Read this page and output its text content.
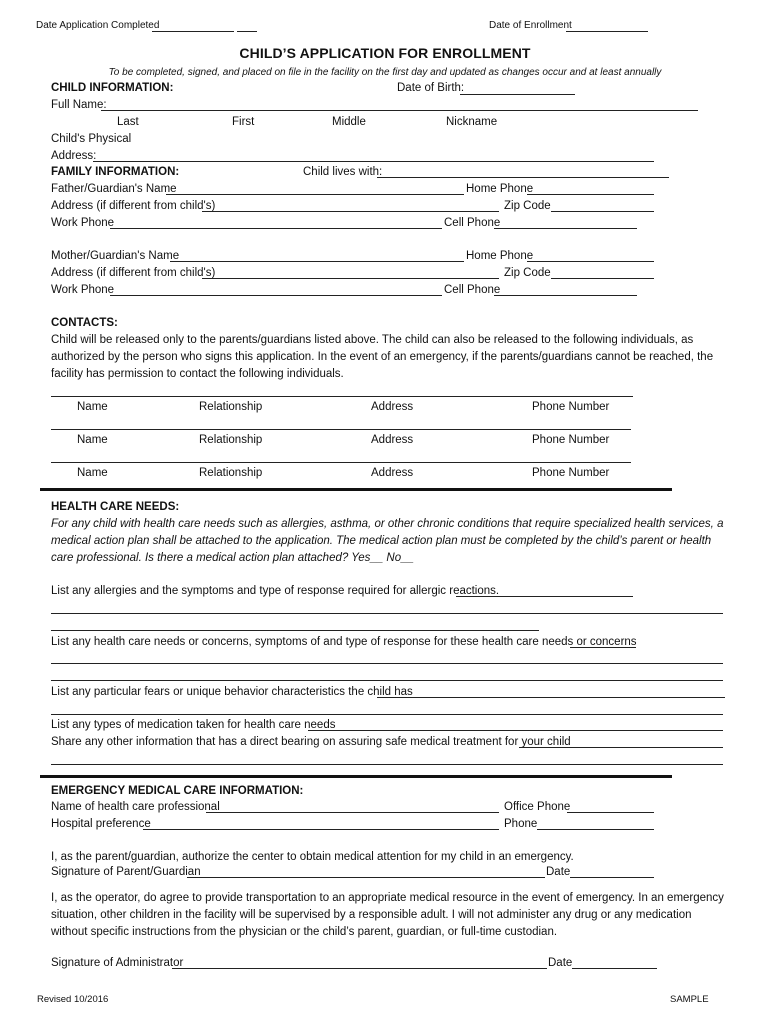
Date Application Completed	Date of Enrollment
CHILD’S APPLICATION FOR ENROLLMENT
To be completed, signed, and placed on file in the facility on the first day and updated as changes occur and at least annually
CHILD INFORMATION:	Date of Birth:
Full Name:
Last	First	Middle	Nickname
Child's Physical
Address:
FAMILY INFORMATION:	Child lives with:
Father/Guardian's Name	Home Phone
Address (if different from child's)	Zip Code
Work Phone	Cell Phone
Mother/Guardian's Name	Home Phone
Address (if different from child's)	Zip Code
Work Phone	Cell Phone
CONTACTS:
Child will be released only to the parents/guardians listed above. The child can also be released to the following individuals, as authorized by the person who signs this application. In the event of an emergency, if the parents/guardians cannot be reached, the facility has permission to contact the following individuals.
Name	Relationship	Address	Phone Number
Name	Relationship	Address	Phone Number
Name	Relationship	Address	Phone Number
HEALTH CARE NEEDS:
For any child with health care needs such as allergies, asthma, or other chronic conditions that require specialized health services, a medical action plan shall be attached to the application. The medical action plan must be completed by the child’s parent or health care professional. Is there a medical action plan attached? Yes__ No__
List any allergies and the symptoms and type of response required for allergic reactions.
List any health care needs or concerns, symptoms of and type of response for these health care needs or concerns
List any particular fears or unique behavior characteristics the child has
List any types of medication taken for health care needs
Share any other information that has a direct bearing on assuring safe medical treatment for your child
EMERGENCY MEDICAL CARE INFORMATION:
Name of health care professional	Office Phone
Hospital preference	Phone
I, as the parent/guardian, authorize the center to obtain medical attention for my child in an emergency.
Signature of Parent/Guardian	Date
I, as the operator, do agree to provide transportation to an appropriate medical resource in the event of emergency. In an emergency situation, other children in the facility will be supervised by a responsible adult. I will not administer any drug or any medication without specific instructions from the physician or the child’s parent, guardian, or full-time custodian.
Signature of Administrator	Date
Revised 10/2016	SAMPLE
